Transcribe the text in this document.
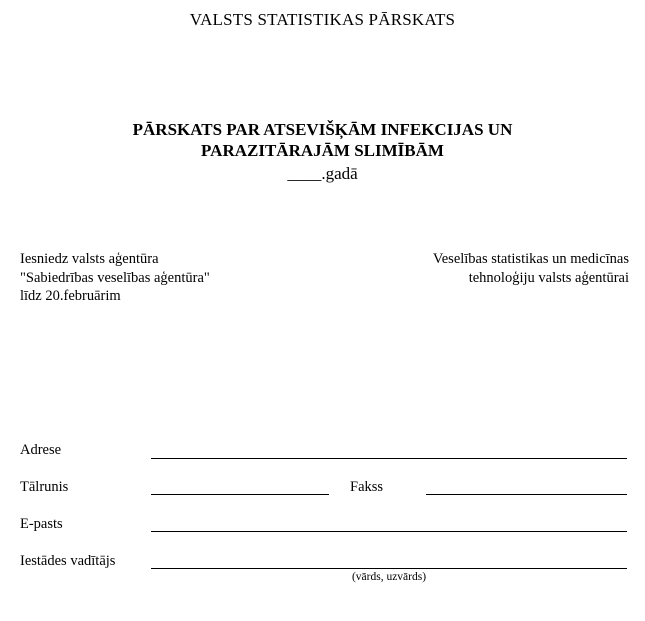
VALSTS STATISTIKAS PĀRSKATS
PĀRSKATS PAR ATSEVIŠĶĀM INFEKCIJAS UN
PARAZITĀRAJĀM SLIMĪBĀM
____.gadā
Iesniedz valsts aģentūra
"Sabiedrības veselības aģentūra"
līdz 20.februārim
Veselības statistikas un medicīnas
tehnoloģiju valsts aģentūrai
Adrese
Tālrunis	Fakss
E-pasts
Iestādes vadītājs
(vārds, uzvārds)
